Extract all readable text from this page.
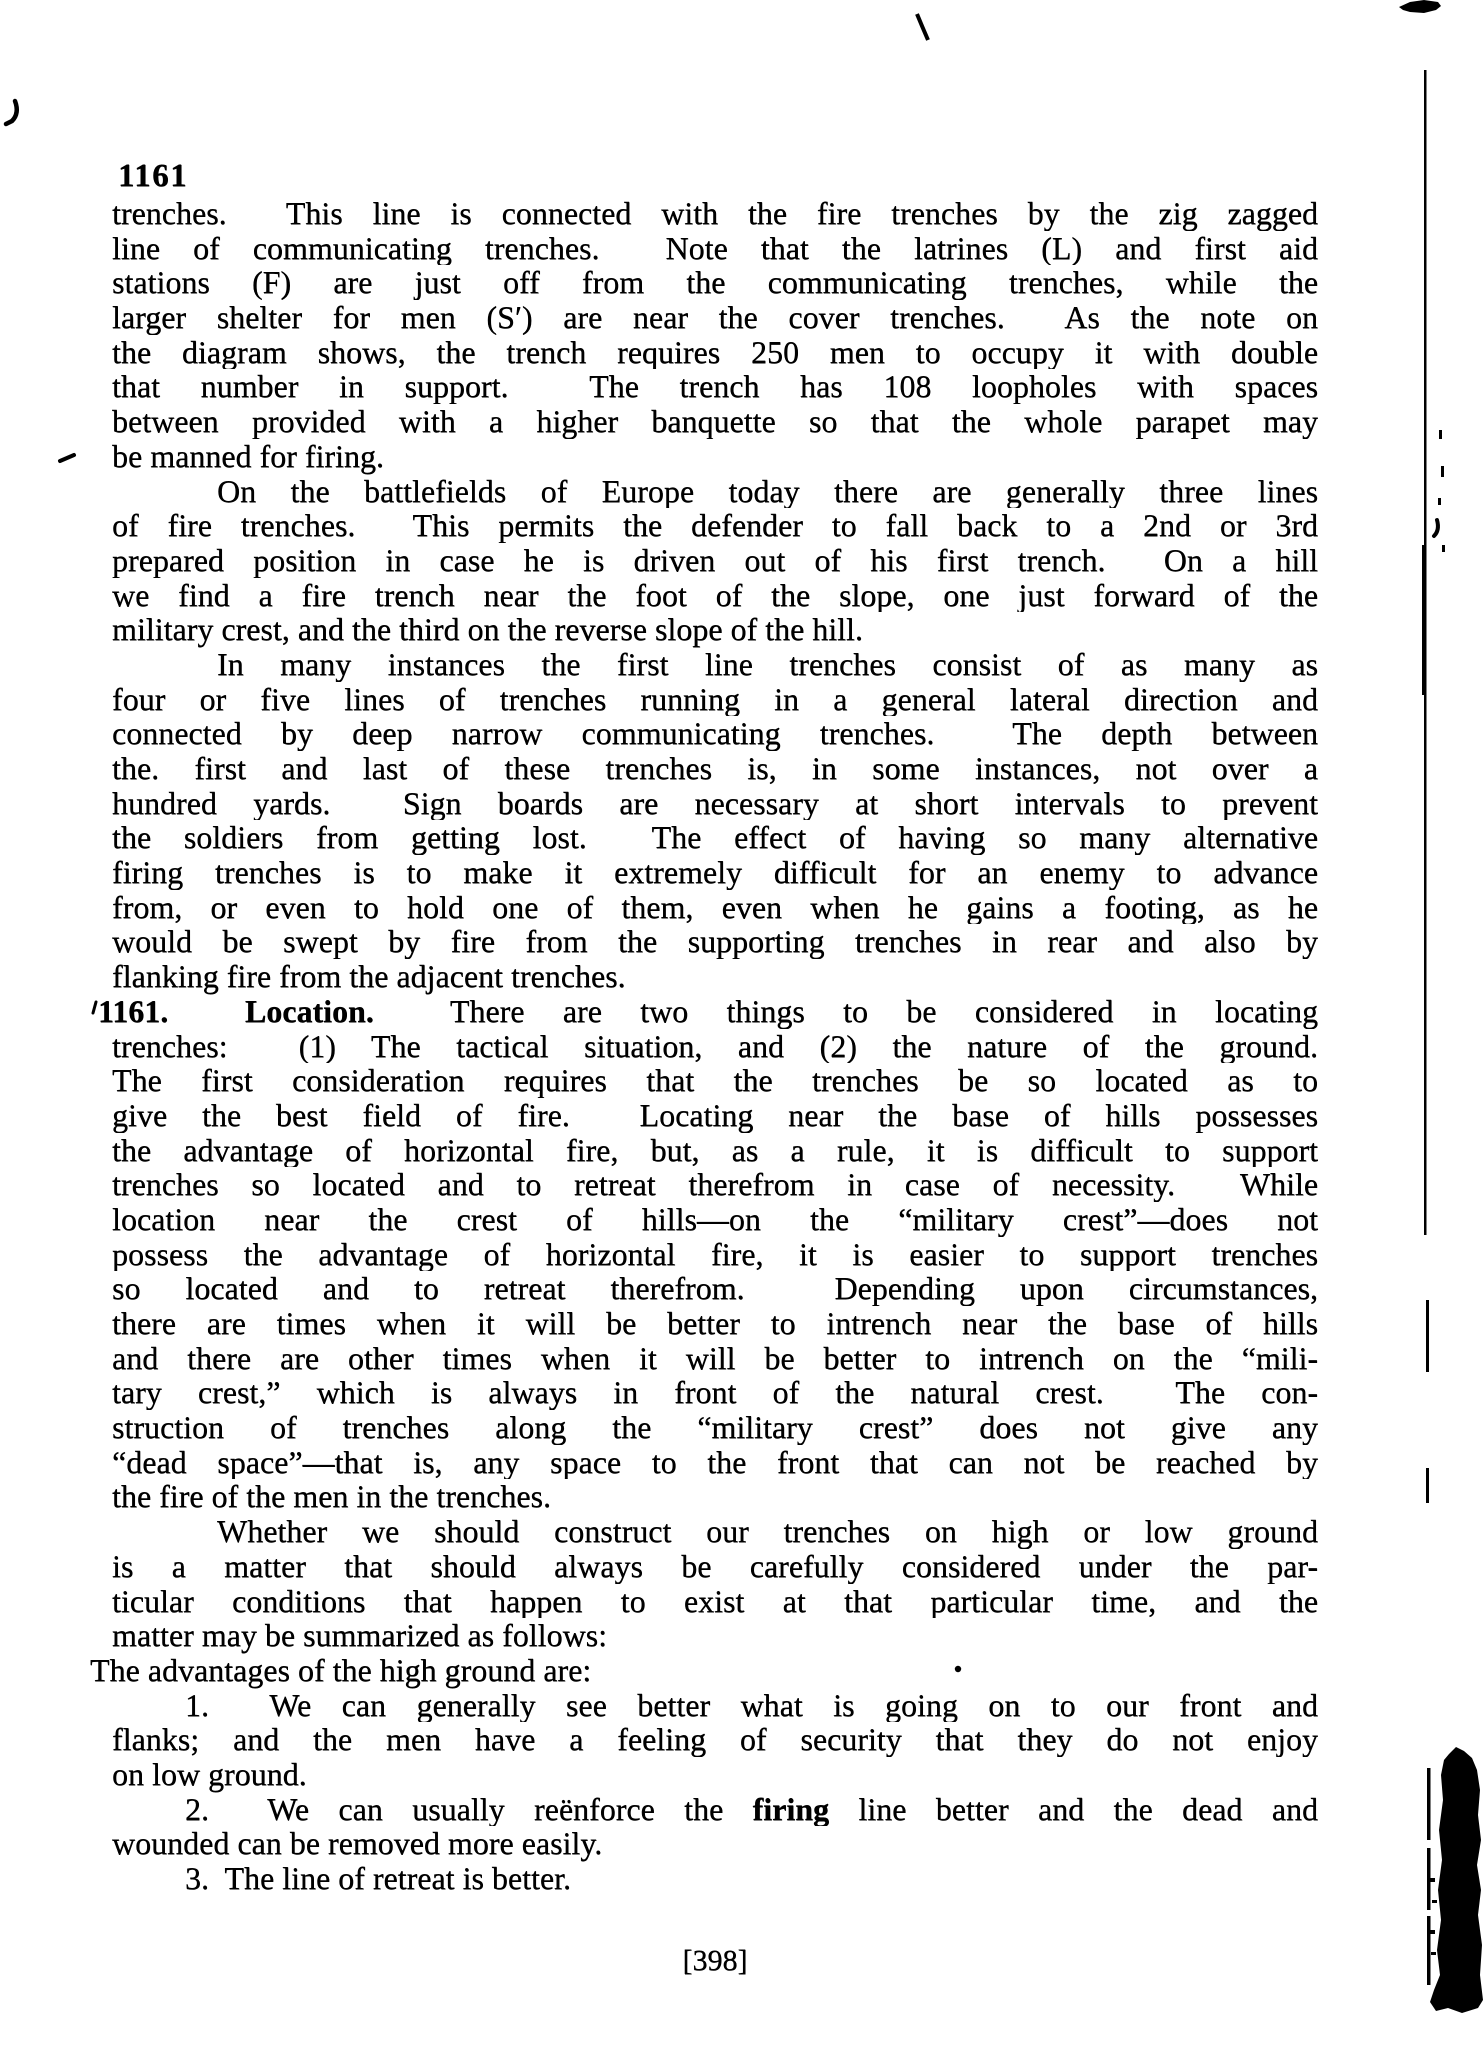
1161
trenches.  This line is connected with the fire trenches by the zig zagged
line of communicating trenches.  Note that the latrines (L) and first aid
stations (F) are just off from the communicating trenches, while the
larger shelter for men (S′) are near the cover trenches.  As the note on
the diagram shows, the trench requires 250 men to occupy it with double
that number in support.  The trench has 108 loopholes with spaces
between provided with a higher banquette so that the whole parapet may
be manned for firing.
On the battlefields of Europe today there are generally three lines
of fire trenches.  This permits the defender to fall back to a 2nd or 3rd
prepared position in case he is driven out of his first trench.  On a hill
we find a fire trench near the foot of the slope, one just forward of the
military crest, and the third on the reverse slope of the hill.
In many instances the first line trenches consist of as many as
four or five lines of trenches running in a general lateral direction and
connected by deep narrow communicating trenches.  The depth between
the. first and last of these trenches is, in some instances, not over a
hundred yards.  Sign boards are necessary at short intervals to prevent
the soldiers from getting lost.  The effect of having so many alternative
firing trenches is to make it extremely difficult for an enemy to advance
from, or even to hold one of them, even when he gains a footing, as he
would be swept by fire from the supporting trenches in rear and also by
flanking fire from the adjacent trenches.
1161. Location.  There are two things to be considered in locating
trenches:  (1) The tactical situation, and (2) the nature of the ground.
The first consideration requires that the trenches be so located as to
give the best field of fire.  Locating near the base of hills possesses
the advantage of horizontal fire, but, as a rule, it is difficult to support
trenches so located and to retreat therefrom in case of necessity.  While
location near the crest of hills—on the “military crest”—does not
possess the advantage of horizontal fire, it is easier to support trenches
so located and to retreat therefrom.  Depending upon circumstances,
there are times when it will be better to intrench near the base of hills
and there are other times when it will be better to intrench on the “mili-
tary crest,” which is always in front of the natural crest.  The con-
struction of trenches along the “military crest” does not give any
“dead space”—that is, any space to the front that can not be reached by
the fire of the men in the trenches.
Whether we should construct our trenches on high or low ground
is a matter that should always be carefully considered under the par-
ticular conditions that happen to exist at that particular time, and the
matter may be summarized as follows:
The advantages of the high ground are:
1.  We can generally see better what is going on to our front and
flanks; and the men have a feeling of security that they do not enjoy
on low ground.
2.  We can usually reënforce the firing line better and the dead and
wounded can be removed more easily.
3.  The line of retreat is better.
[398]
